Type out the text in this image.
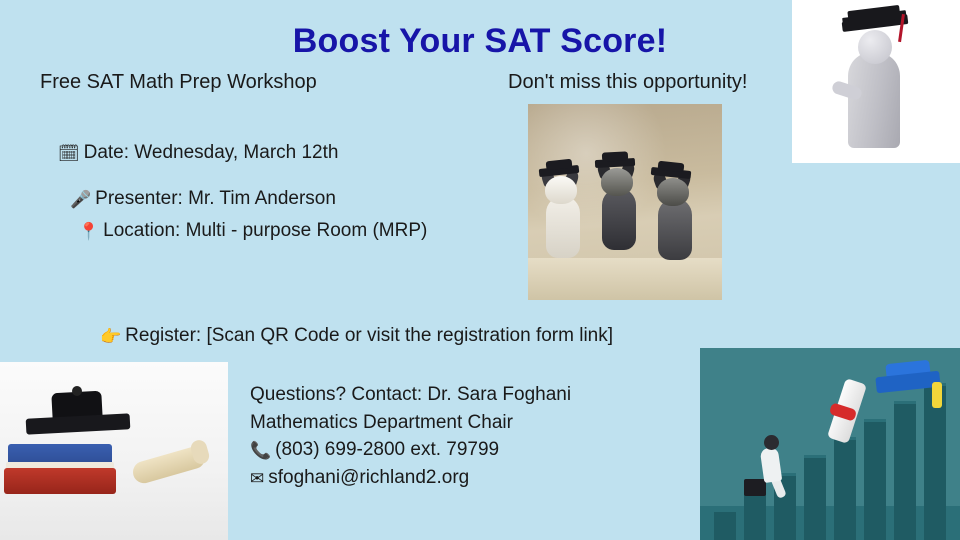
Boost Your SAT Score!
Free SAT Math Prep Workshop	Don't miss this opportunity!
🗓 Date: Wednesday, March 12th
🎤 Presenter: Mr. Tim Anderson
📍 Location: Multi - purpose Room (MRP)
👉 Register: [Scan QR Code or visit the registration form link]
Questions? Contact: Dr. Sara Foghani
Mathematics Department Chair
📞 (803) 699-2800 ext. 79799
✉ sfoghani@richland2.org
